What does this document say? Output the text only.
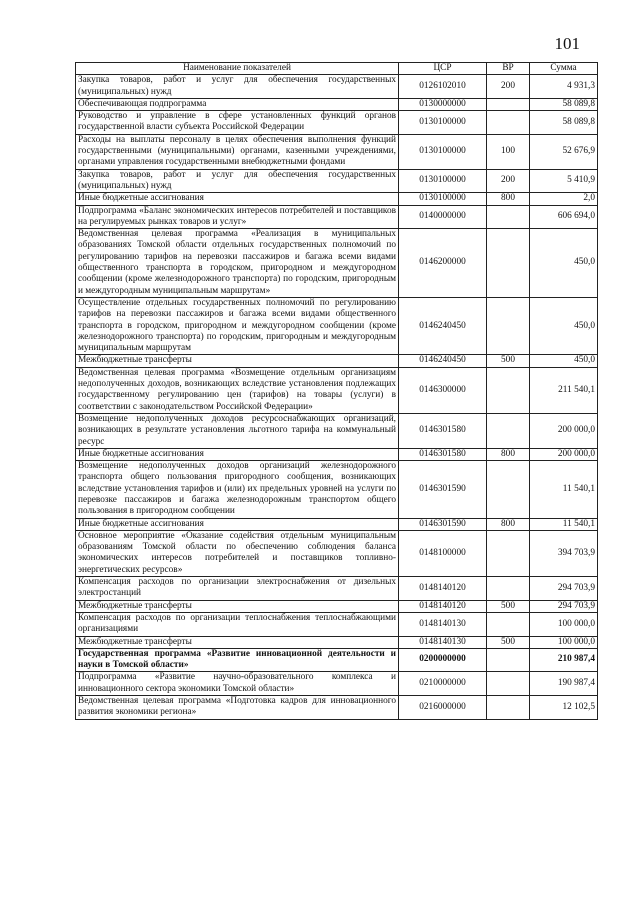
101
Наименование показателей	ЦСР	ВР	Сумма
Закупка товаров, работ и услуг для обеспечения государственных (муниципальных) нужд	0126102010	200	4 931,3
Обеспечивающая подпрограмма	0130000000		58 089,8
Руководство и управление в сфере установленных функций органов государственной власти субъекта Российской Федерации	0130100000		58 089,8
Расходы на выплаты персоналу в целях обеспечения выполнения функций государственными (муниципальными) органами, казенными учреждениями, органами управления государственными внебюджетными фондами	0130100000	100	52 676,9
Закупка товаров, работ и услуг для обеспечения государственных (муниципальных) нужд	0130100000	200	5 410,9
Иные бюджетные ассигнования	0130100000	800	2,0
Подпрограмма «Баланс экономических интересов потребителей и поставщиков на регулируемых рынках товаров и услуг»	0140000000		606 694,0
Ведомственная целевая программа «Реализация в муниципальных образованиях Томской области отдельных государственных полномочий по регулированию тарифов на перевозки пассажиров и багажа всеми видами общественного транспорта в городском, пригородном и междугородном сообщении (кроме железнодорожного транспорта) по городским, пригородным и междугородным муниципальным маршрутам»	0146200000		450,0
Осуществление отдельных государственных полномочий по регулированию тарифов на перевозки пассажиров и багажа всеми видами общественного транспорта в городском, пригородном и междугородном сообщении (кроме железнодорожного транспорта) по городским, пригородным и междугородным муниципальным маршрутам	0146240450		450,0
Межбюджетные трансферты	0146240450	500	450,0
Ведомственная целевая программа «Возмещение отдельным организациям недополученных доходов, возникающих вследствие установления подлежащих государственному регулированию цен (тарифов) на товары (услуги) в соответствии с законодательством Российской Федерации»	0146300000		211 540,1
Возмещение недополученных доходов ресурсоснабжающих организаций, возникающих в результате установления льготного тарифа на коммунальный ресурс	0146301580		200 000,0
Иные бюджетные ассигнования	0146301580	800	200 000,0
Возмещение недополученных доходов организаций железнодорожного транспорта общего пользования пригородного сообщения, возникающих вследствие установления тарифов и (или) их предельных уровней на услуги по перевозке пассажиров и багажа железнодорожным транспортом общего пользования в пригородном сообщении	0146301590		11 540,1
Иные бюджетные ассигнования	0146301590	800	11 540,1
Основное мероприятие «Оказание содействия отдельным муниципальным образованиям Томской области по обеспечению соблюдения баланса экономических интересов потребителей и поставщиков топливно-энергетических ресурсов»	0148100000		394 703,9
Компенсация расходов по организации электроснабжения от дизельных электростанций	0148140120		294 703,9
Межбюджетные трансферты	0148140120	500	294 703,9
Компенсация расходов по организации теплоснабжения теплоснабжающими организациями	0148140130		100 000,0
Межбюджетные трансферты	0148140130	500	100 000,0
Государственная программа «Развитие инновационной деятельности и науки в Томской области»	0200000000		210 987,4
Подпрограмма «Развитие научно-образовательного комплекса и инновационного сектора экономики Томской области»	0210000000		190 987,4
Ведомственная целевая программа «Подготовка кадров для инновационного развития экономики региона»	0216000000		12 102,5
